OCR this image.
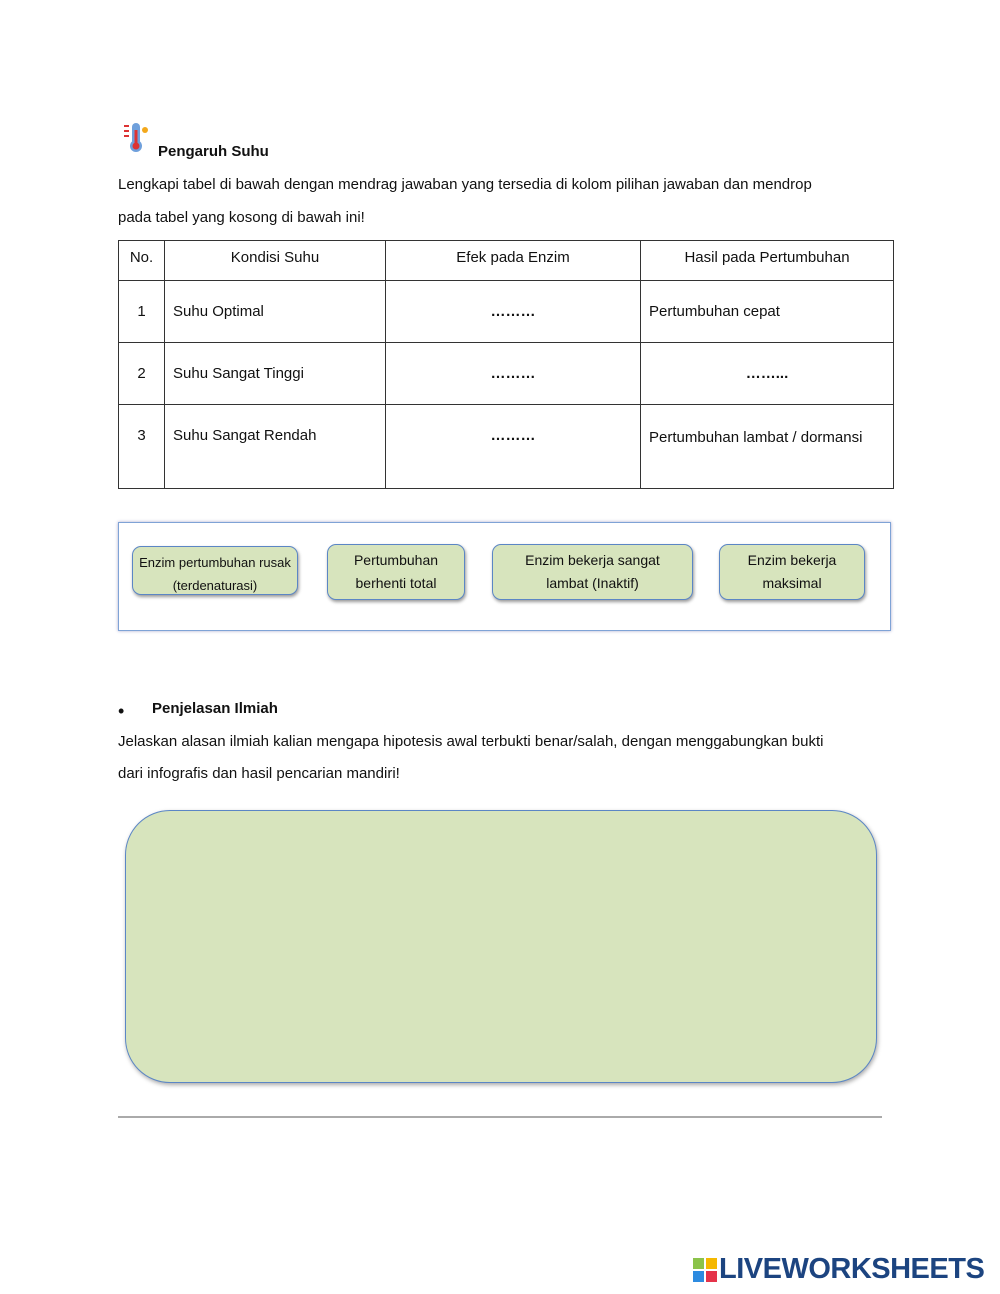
Pengaruh Suhu
Lengkapi tabel di bawah dengan mendrag jawaban yang tersedia di kolom pilihan jawaban dan mendrop
pada tabel yang kosong di bawah ini!
No.	Kondisi Suhu	Efek pada Enzim	Hasil pada Pertumbuhan
1	Suhu Optimal	………	Pertumbuhan cepat
2	Suhu Sangat Tinggi	………	……...
3	Suhu Sangat Rendah	………	Pertumbuhan lambat / dormansi
Enzim pertumbuhan rusak (terdenaturasi)
Pertumbuhan berhenti total
Enzim bekerja sangat lambat (Inaktif)
Enzim bekerja maksimal
• Penjelasan Ilmiah
Jelaskan alasan ilmiah kalian mengapa hipotesis awal terbukti benar/salah, dengan menggabungkan bukti
dari infografis dan hasil pencarian mandiri!
LIVEWORKSHEETS
